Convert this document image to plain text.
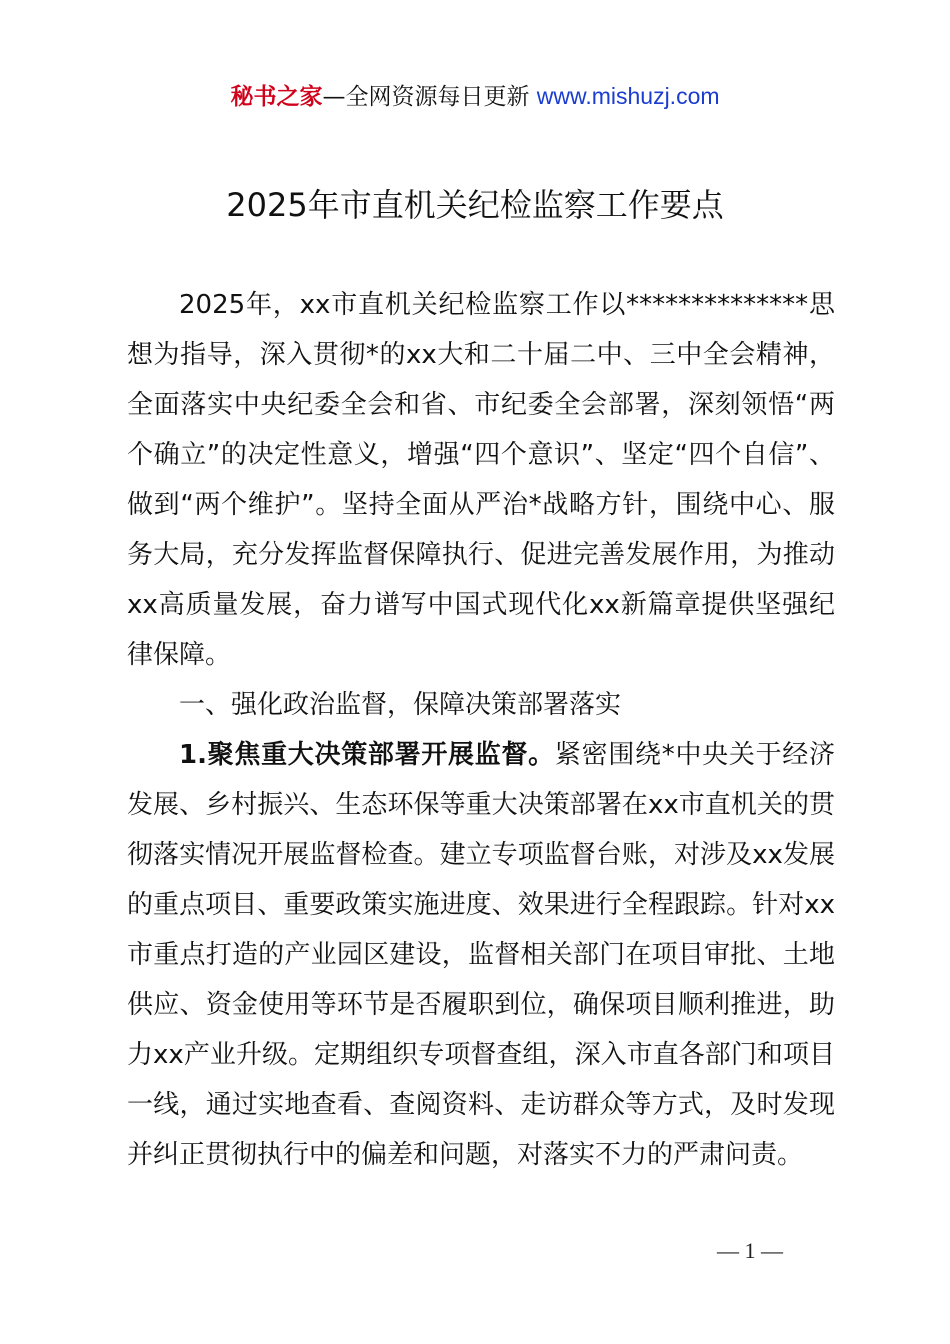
秘书之家—全网资源每日更新 www.mishuzj.com
2025年市直机关纪检监察工作要点

2025年，xx市直机关纪检监察工作以**************思想为指导，深入贯彻*的xx大和二十届二中、三中全会精神，全面落实中央纪委全会和省、市纪委全会部署，深刻领悟“两个确立”的决定性意义，增强“四个意识”、坚定“四个自信”、做到“两个维护”。坚持全面从严治*战略方针，围绕中心、服务大局，充分发挥监督保障执行、促进完善发展作用，为推动xx高质量发展，奋力谱写中国式现代化xx新篇章提供坚强纪律保障。

一、强化政治监督，保障决策部署落实

1.聚焦重大决策部署开展监督。紧密围绕*中央关于经济发展、乡村振兴、生态环保等重大决策部署在xx市直机关的贯彻落实情况开展监督检查。建立专项监督台账，对涉及xx发展的重点项目、重要政策实施进度、效果进行全程跟踪。针对xx市重点打造的产业园区建设，监督相关部门在项目审批、土地供应、资金使用等环节是否履职到位，确保项目顺利推进，助力xx产业升级。定期组织专项督查组，深入市直各部门和项目一线，通过实地查看、查阅资料、走访群众等方式，及时发现并纠正贯彻执行中的偏差和问题，对落实不力的严肃问责。

— 1 —
